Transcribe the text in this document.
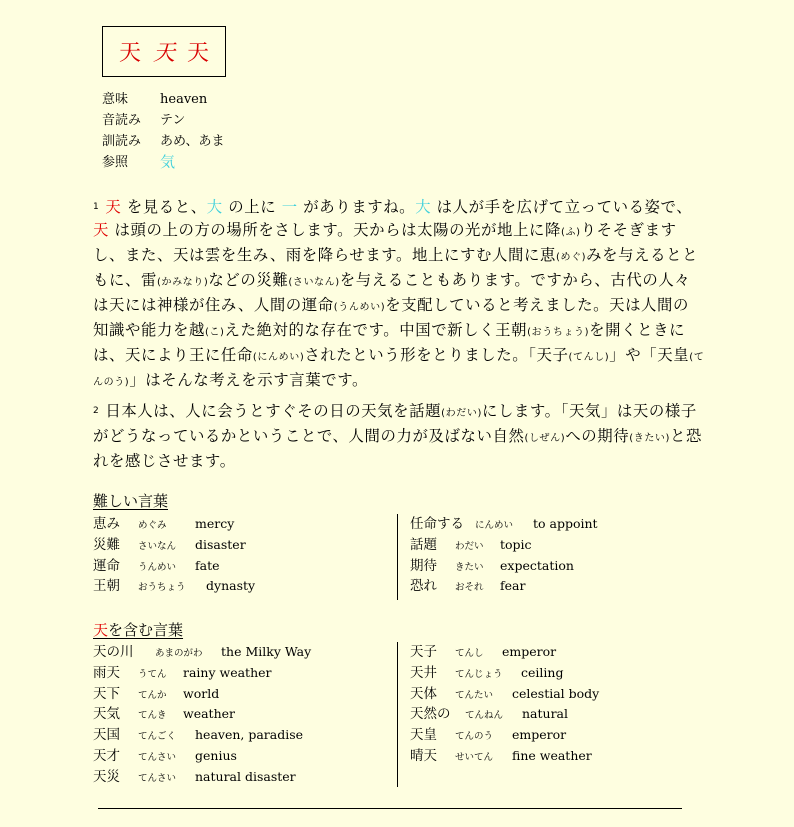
天 天 天
意味	heaven
音読み	テン
訓読み	あめ、あま
参照	気
$^1$ 天 を見ると、大 の上に 一 がありますね。大 は人が手を広げて立っている姿で、天 は頭の上の方の場所をさします。天からは太陽の光が地上に降(ふ)りそそぎますし、また、天は雲を生み、雨を降らせます。地上にすむ人間に恵(めぐ)みを与えるとともに、雷(かみなり)などの災難(さいなん)を与えることもあります。ですから、古代の人々は天には神様が住み、人間の運命(うんめい)を支配していると考えました。天は人間の知識や能力を越(こ)えた絶対的な存在です。中国で新しく王朝(おうちょう)を開くときには、天により王に任命(にんめい)されたという形をとりました。「天子(てんし)」や「天皇(てんのう)」はそんな考えを示す言葉です。
$^2$ 日本人は、人に会うとすぐその日の天気を話題(わだい)にします。「天気」は天の様子がどうなっているかということで、人間の力が及ばない自然(しぜん)への期待(きたい)と恐れを感じさせます。
難しい言葉
恵み めぐみ mercy
災難 さいなん disaster
運命 うんめい fate
王朝 おうちょう dynasty
任命する にんめい to appoint
話題 わだい topic
期待 きたい expectation
恐れ おそれ fear
天を含む言葉
天の川 あまのがわ the Milky Way
雨天 うてん rainy weather
天下 てんか world
天気 てんき weather
天国 てんごく heaven, paradise
天才 てんさい genius
天災 てんさい natural disaster
天子 てんし emperor
天井 てんじょう ceiling
天体 てんたい celestial body
天然の てんねん natural
天皇 てんのう emperor
晴天 せいてん fine weather
